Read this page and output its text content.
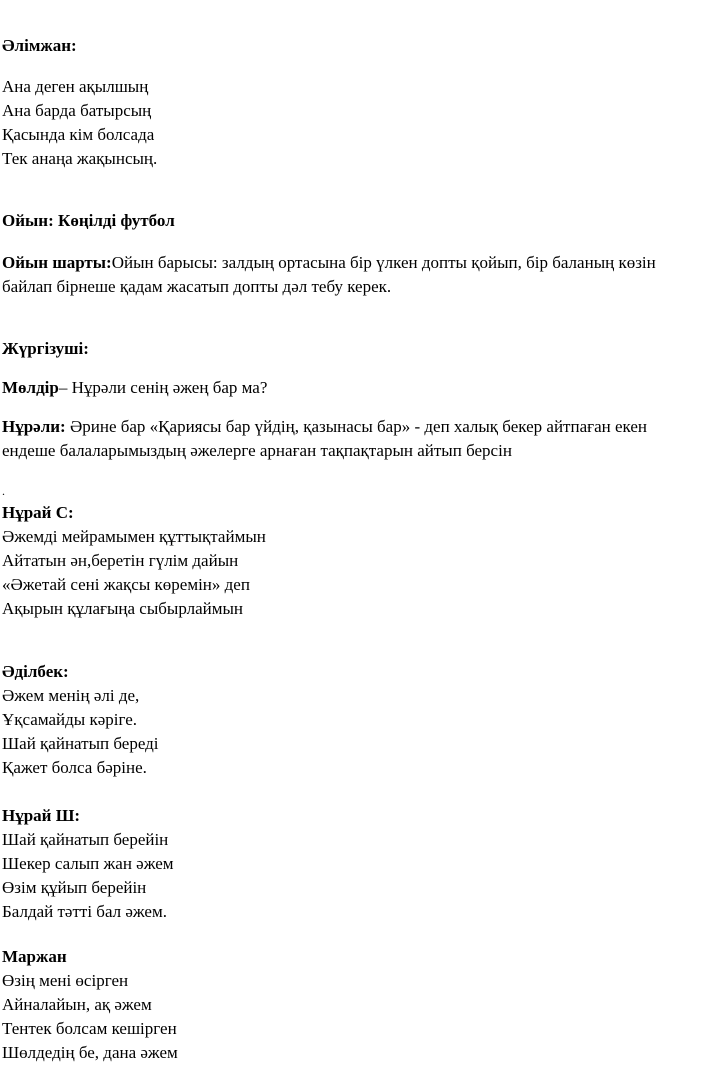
Әлімжан:
Ана деген ақылшың
Ана барда батырсың
Қасында кім болсада
Тек анаңа жақынсың.
Ойын: Көңілді футбол
Ойын шарты:Ойын барысы: залдың ортасына бір үлкен допты қойып, бір баланың көзін байлап бірнеше қадам жасатып допты дәл тебу керек.
Жүргізуші:
Мөлдір– Нұрәли сенің әжең бар ма?
Нұрәли: Әрине бар «Қариясы бар үйдің, қазынасы бар» - деп халық бекер айтпаған екен
ендеше балаларымыздың әжелерге арнаған тақпақтарын айтып берсін
.
Нұрай С:
Әжемді мейрамымен құттықтаймын
Айтатын ән,беретін гүлім дайын
«Әжетай сені жақсы көремін» деп
Ақырын құлағыңа сыбырлаймын
Әділбек:
Әжем менің әлі де,
Ұқсамайды кәріге.
Шай қайнатып береді
Қажет болса бәріне.
Нұрай Ш:
Шай қайнатып берейін
Шекер салып жан әжем
Өзім құйып берейін
Балдай тәтті бал әжем.
Маржан
Өзің мені өсірген
Айналайын, ақ әжем
Тентек болсам кешірген
Шөлдедің бе, дана әжем
